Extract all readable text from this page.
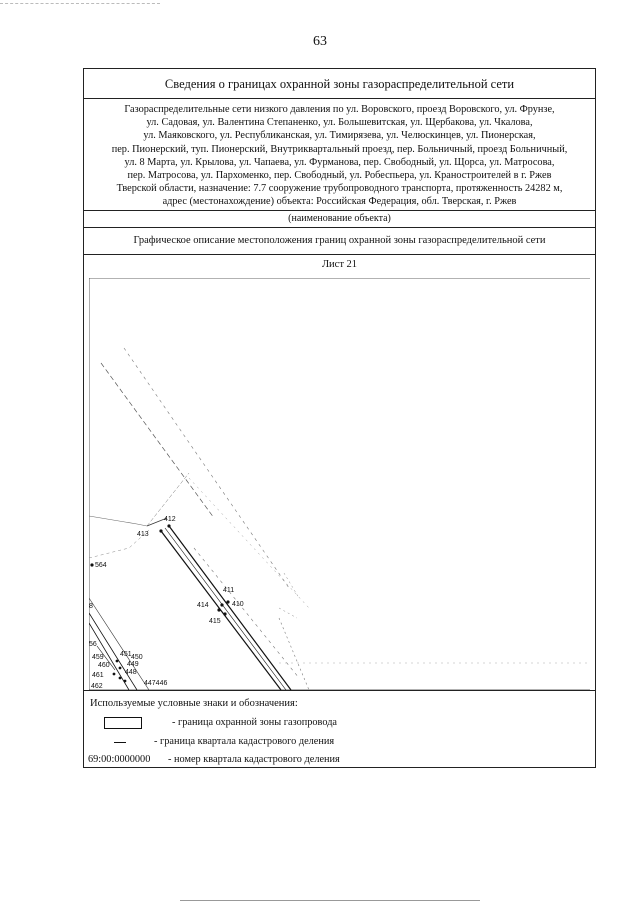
63
Сведения о границах охранной зоны газораспределительной сети
Газораспределительные сети низкого давления по ул. Воровского, проезд Воровского, ул. Фрунзе,
ул. Садовая, ул. Валентина Степаненко, ул. Большевитская, ул. Щербакова, ул. Чкалова,
ул. Маяковского, ул. Республиканская, ул. Тимирязева, ул. Челюскинцев, ул. Пионерская,
пер. Пионерский, туп. Пионерский, Внутриквартальный проезд, пер. Больничный, проезд Больничный,
ул. 8 Марта, ул. Крылова, ул. Чапаева, ул. Фурманова, пер. Свободный, ул. Щорса, ул. Матросова,
пер. Матросова, ул. Пархоменко, пер. Свободный, ул. Робеспьера, ул. Краностроителей в г. Ржев
Тверской области, назначение: 7.7 сооружение трубопроводного транспорта, протяженность 24282 м,
адрес (местонахождение) объекта: Российская Федерация, обл. Тверская, г. Ржев
(наименование объекта)
Графическое описание местоположения границ охранной зоны газораспределительной сети
Лист 21
412
413
564
411
414	410
415
8
56
451 450
459
449
460
448
461
462	447446
Используемые условные знаки и обозначения:
- граница охранной зоны газопровода
- граница квартала кадастрового деления
69:00:0000000 - номер квартала кадастрового деления
